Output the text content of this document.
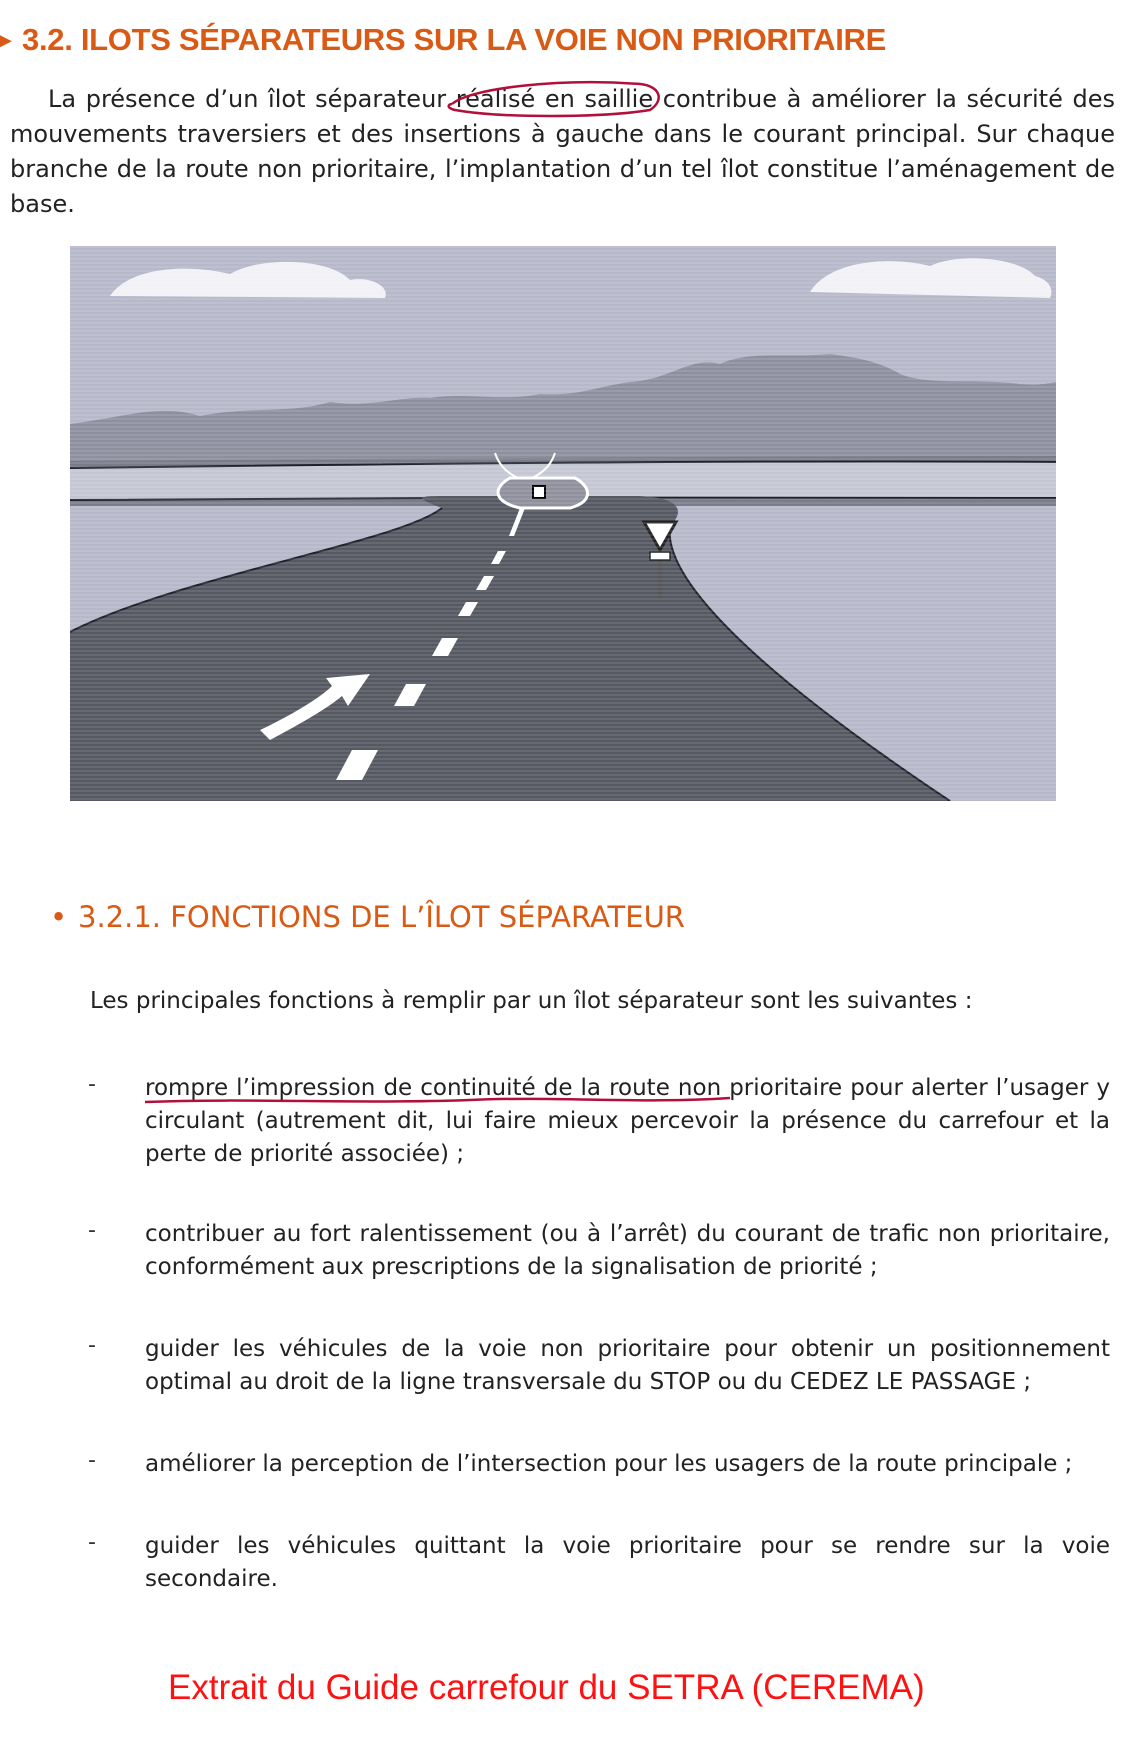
▸ 3.2. ILOTS SÉPARATEURS SUR LA VOIE NON PRIORITAIRE

La présence d’un îlot séparateur réalisé en saillie contribue à améliorer la sécurité des mouvements traversiers et des insertions à gauche dans le courant principal. Sur chaque branche de la route non prioritaire, l’implantation d’un tel îlot constitue l’aménagement de base.

• 3.2.1. FONCTIONS DE L’ÎLOT SÉPARATEUR

Les principales fonctions à remplir par un îlot séparateur sont les suivantes :

-	rompre l’impression de continuité de la route non prioritaire pour alerter l’usager y circulant (autrement dit, lui faire mieux percevoir la présence du carrefour et la perte de priorité associée) ;

-	contribuer au fort ralentissement (ou à l’arrêt) du courant de trafic non prioritaire, conformément aux prescriptions de la signalisation de priorité ;

-	guider les véhicules de la voie non prioritaire pour obtenir un positionnement optimal au droit de la ligne transversale du STOP ou du CEDEZ LE PASSAGE ;

-	améliorer la perception de l’intersection pour les usagers de la route principale ;

-	guider les véhicules quittant la voie prioritaire pour se rendre sur la voie secondaire.

Extrait du Guide carrefour du SETRA (CEREMA)
